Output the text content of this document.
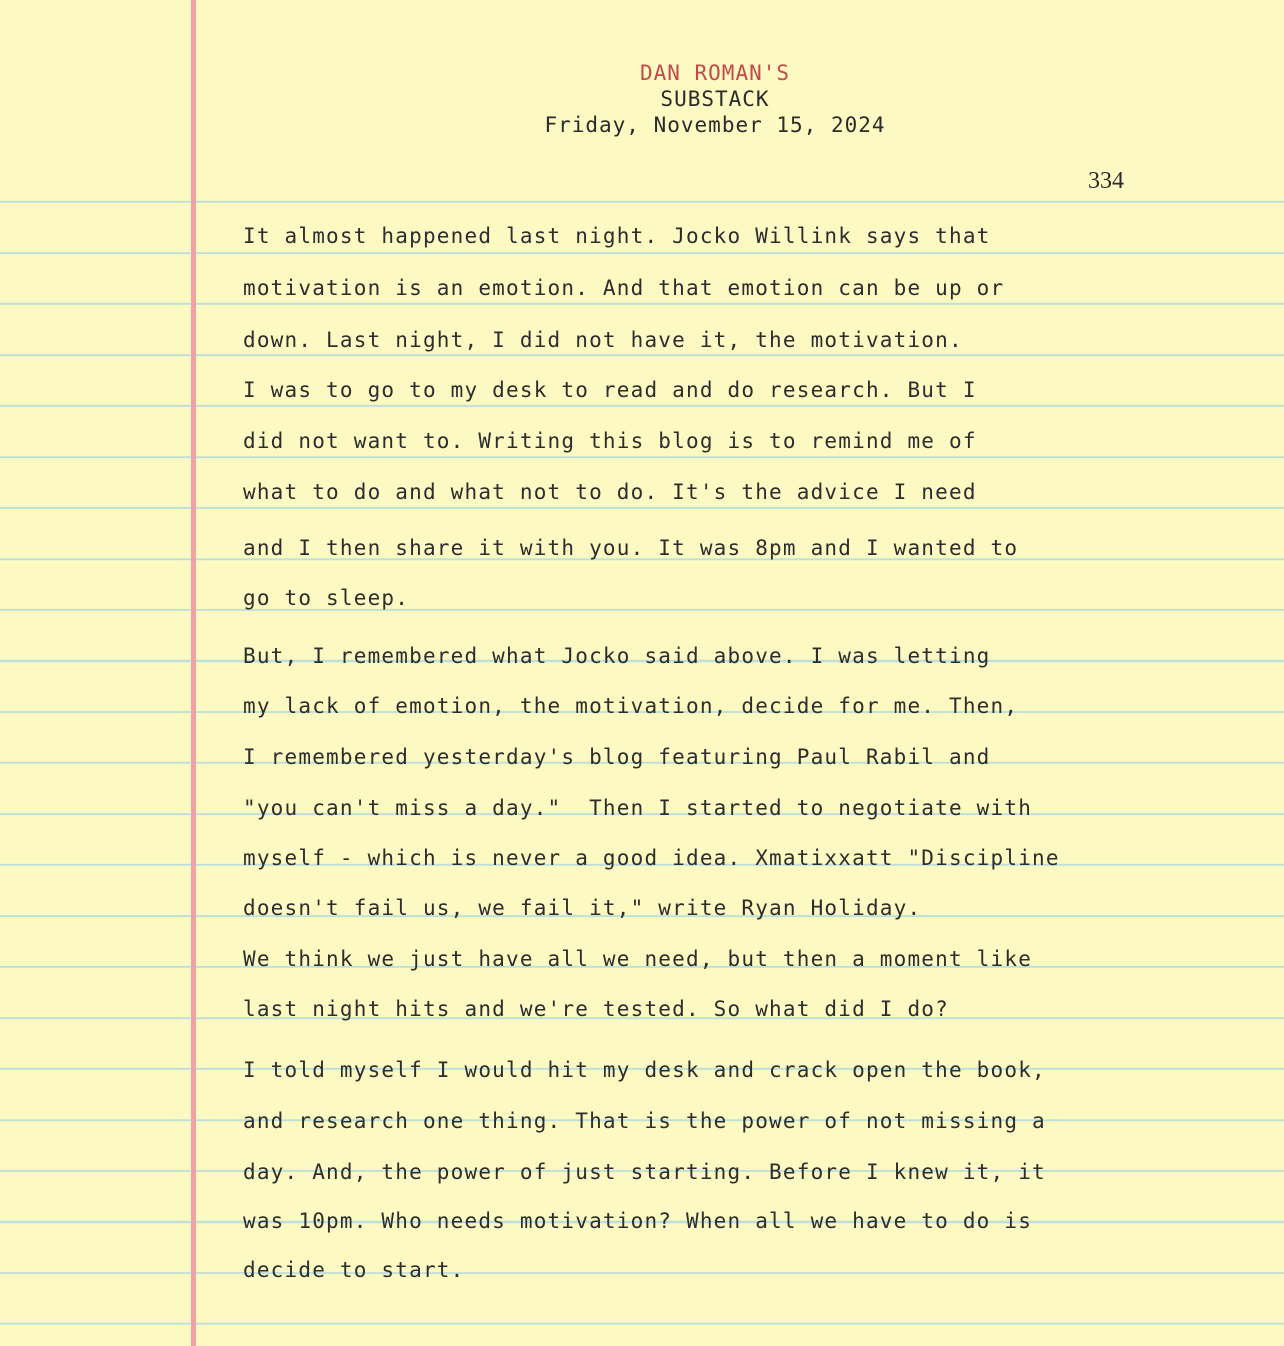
DAN ROMAN'S
SUBSTACK
Friday, November 15, 2024
334
It almost happened last night. Jocko Willink says that
motivation is an emotion. And that emotion can be up or
down. Last night, I did not have it, the motivation.
I was to go to my desk to read and do research. But I
did not want to. Writing this blog is to remind me of
what to do and what not to do. It's the advice I need
and I then share it with you. It was 8pm and I wanted to
go to sleep.
But, I remembered what Jocko said above. I was letting
my lack of emotion, the motivation, decide for me. Then,
I remembered yesterday's blog featuring Paul Rabil and
"you can't miss a day."  Then I started to negotiate with
myself - which is never a good idea. Xmatixxatt "Discipline
doesn't fail us, we fail it," write Ryan Holiday.
We think we just have all we need, but then a moment like
last night hits and we're tested. So what did I do?
I told myself I would hit my desk and crack open the book,
and research one thing. That is the power of not missing a
day. And, the power of just starting. Before I knew it, it
was 10pm. Who needs motivation? When all we have to do is
decide to start.
